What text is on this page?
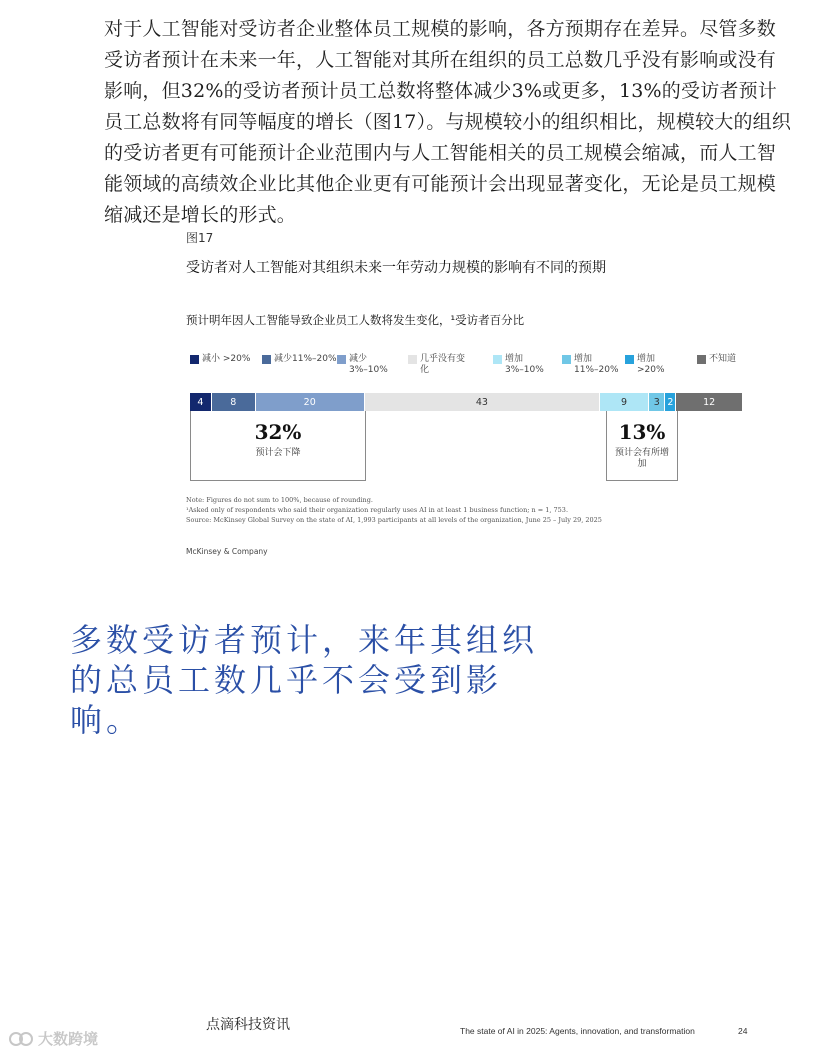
对于人工智能对受访者企业整体员工规模的影响，各方预期存在差异。尽管多数受访者预计在未来一年，人工智能对其所在组织的员工总数几乎没有影响或没有影响，但32%的受访者预计员工总数将整体减少3%或更多，13%的受访者预计员工总数将有同等幅度的增长（图17）。与规模较小的组织相比，规模较大的组织的受访者更有可能预计企业范围内与人工智能相关的员工规模会缩减，而人工智能领域的高绩效企业比其他企业更有可能预计会出现显著变化，无论是员工规模缩减还是增长的形式。

图17
受访者对人工智能对其组织未来一年劳动力规模的影响有不同的预期
预计明年因人工智能导致企业员工人数将发生变化，¹受访者百分比
减小 >20%	减少11%–20% 减少
3%–10%
几乎没有变
化
增加
3%–10%
增加
11%–20%
增加
>20%
不知道
4	8	20	43	9	3 2	12
32%
预计会下降
13%
预计会有所增加
Note: Figures do not sum to 100%, because of rounding.
¹Asked only of respondents who said their organization regularly uses AI in at least 1 business function; n = 1, 753.
Source: McKinsey Global Survey on the state of AI, 1,993 participants at all levels of the organization, June 25 – July 29, 2025
McKinsey & Company

多数受访者预计，来年其组织的总员工数几乎不会受到影响。

大数跨境
点滴科技资讯	The state of AI in 2025: Agents, innovation, and transformation	24
